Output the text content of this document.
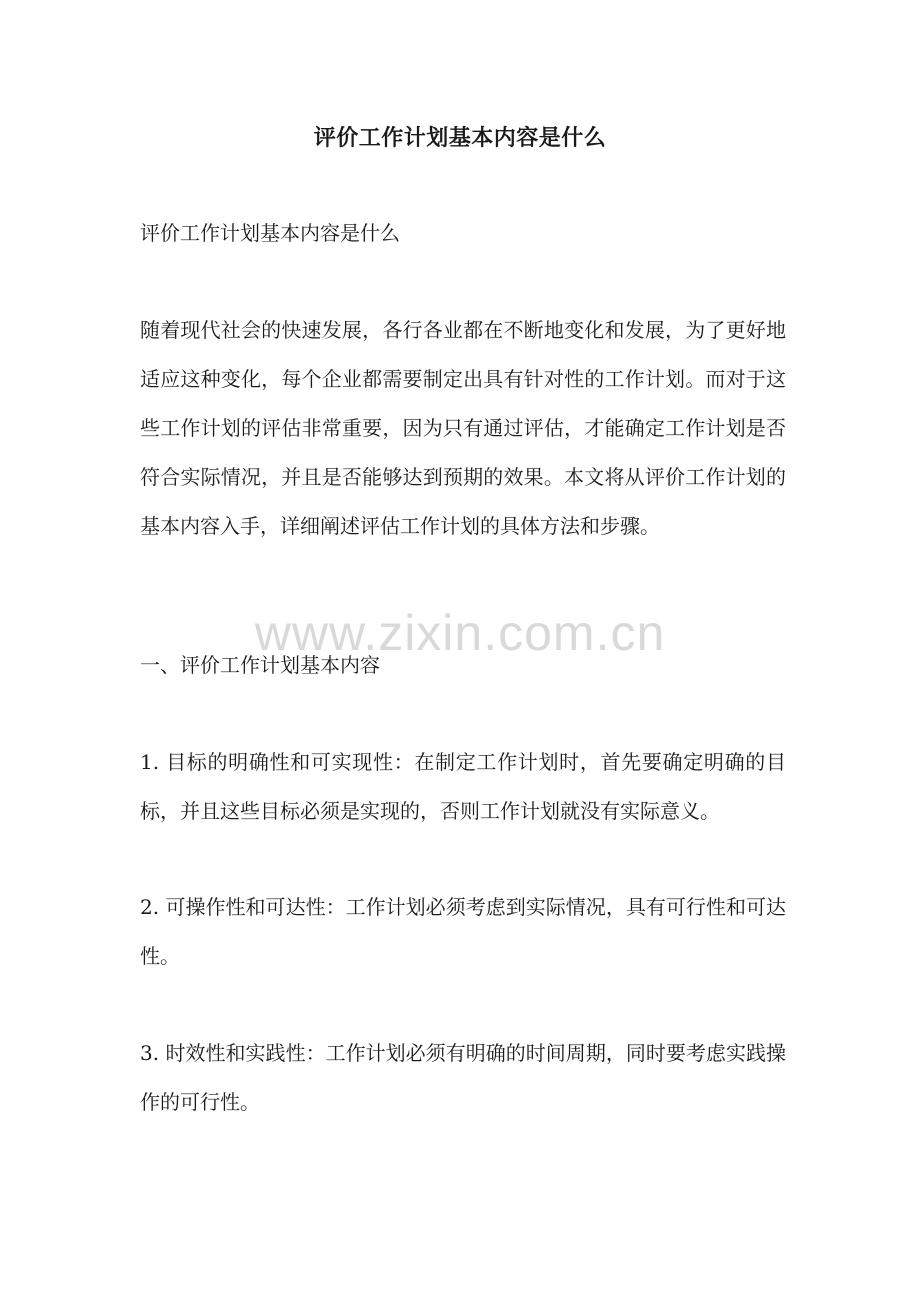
评价工作计划基本内容是什么

评价工作计划基本内容是什么

随着现代社会的快速发展，各行各业都在不断地变化和发展，为了更好地适应这种变化，每个企业都需要制定出具有针对性的工作计划。而对于这些工作计划的评估非常重要，因为只有通过评估，才能确定工作计划是否符合实际情况，并且是否能够达到预期的效果。本文将从评价工作计划的基本内容入手，详细阐述评估工作计划的具体方法和步骤。

www.zixin.com.cn

一、评价工作计划基本内容

1. 目标的明确性和可实现性：在制定工作计划时，首先要确定明确的目标，并且这些目标必须是实现的，否则工作计划就没有实际意义。

2. 可操作性和可达性：工作计划必须考虑到实际情况，具有可行性和可达性。

3. 时效性和实践性：工作计划必须有明确的时间周期，同时要考虑实践操作的可行性。
